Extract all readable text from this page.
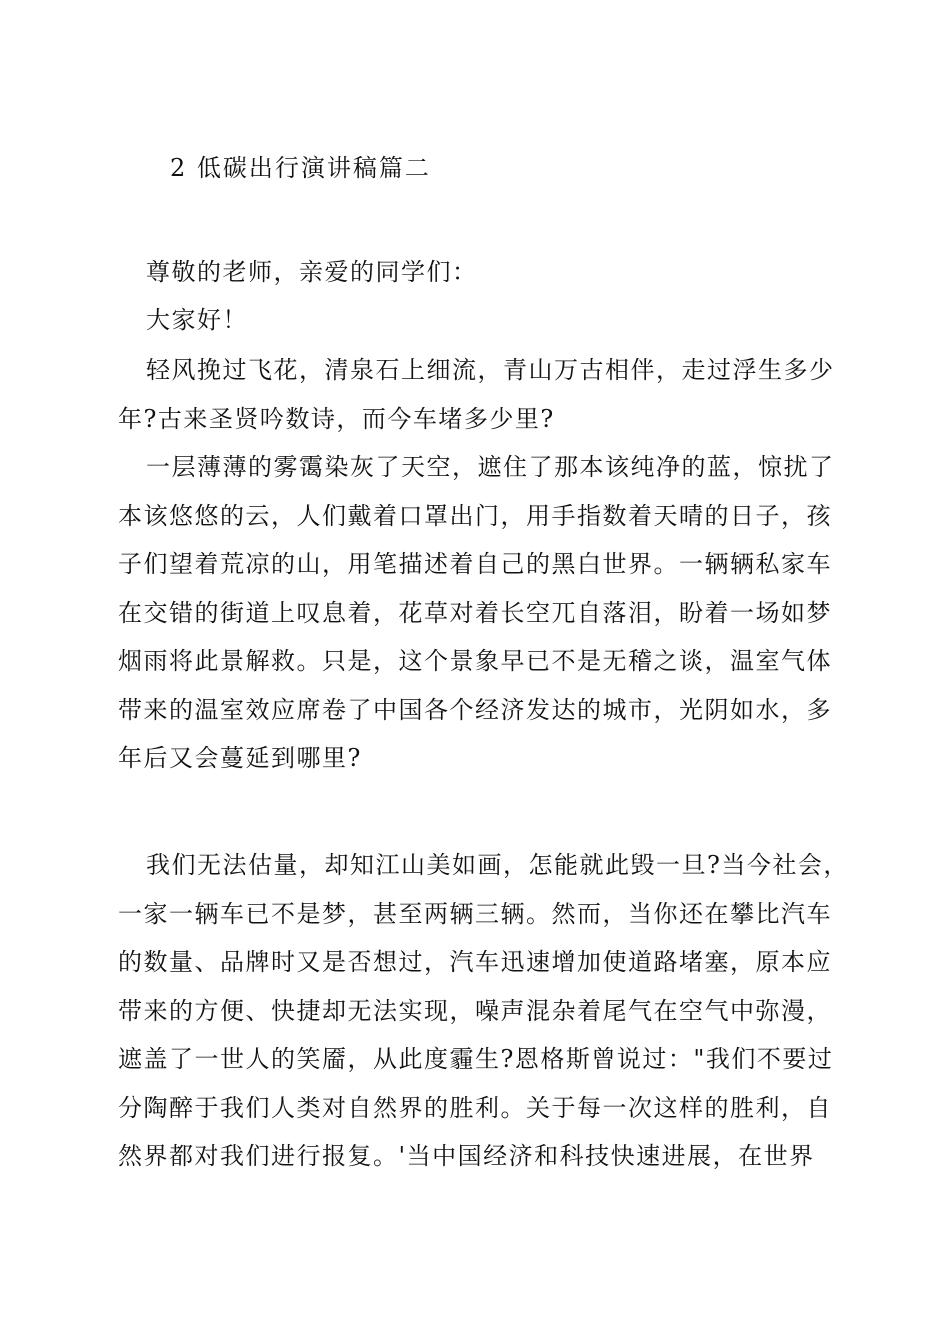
2 低碳出行演讲稿篇二

尊敬的老师，亲爱的同学们：

大家好！

轻风挽过飞花，清泉石上细流，青山万古相伴，走过浮生多少
年?古来圣贤吟数诗，而今车堵多少里?
一层薄薄的雾霭染灰了天空，遮住了那本该纯净的蓝，惊扰了
本该悠悠的云，人们戴着口罩出门，用手指数着天晴的日子，孩
子们望着荒凉的山，用笔描述着自己的黑白世界。一辆辆私家车
在交错的街道上叹息着，花草对着长空兀自落泪，盼着一场如梦
烟雨将此景解救。只是，这个景象早已不是无稽之谈，温室气体
带来的温室效应席卷了中国各个经济发达的城市，光阴如水，多
年后又会蔓延到哪里?
我们无法估量，却知江山美如画，怎能就此毁一旦?当今社会，
一家一辆车已不是梦，甚至两辆三辆。然而，当你还在攀比汽车
的数量、品牌时又是否想过，汽车迅速增加使道路堵塞，原本应
带来的方便、快捷却无法实现，噪声混杂着尾气在空气中弥漫，
遮盖了一世人的笑靥，从此度霾生?恩格斯曾说过："我们不要过
分陶醉于我们人类对自然界的胜利。关于每一次这样的胜利，自
然界都对我们进行报复。'当中国经济和科技快速进展，在世界
